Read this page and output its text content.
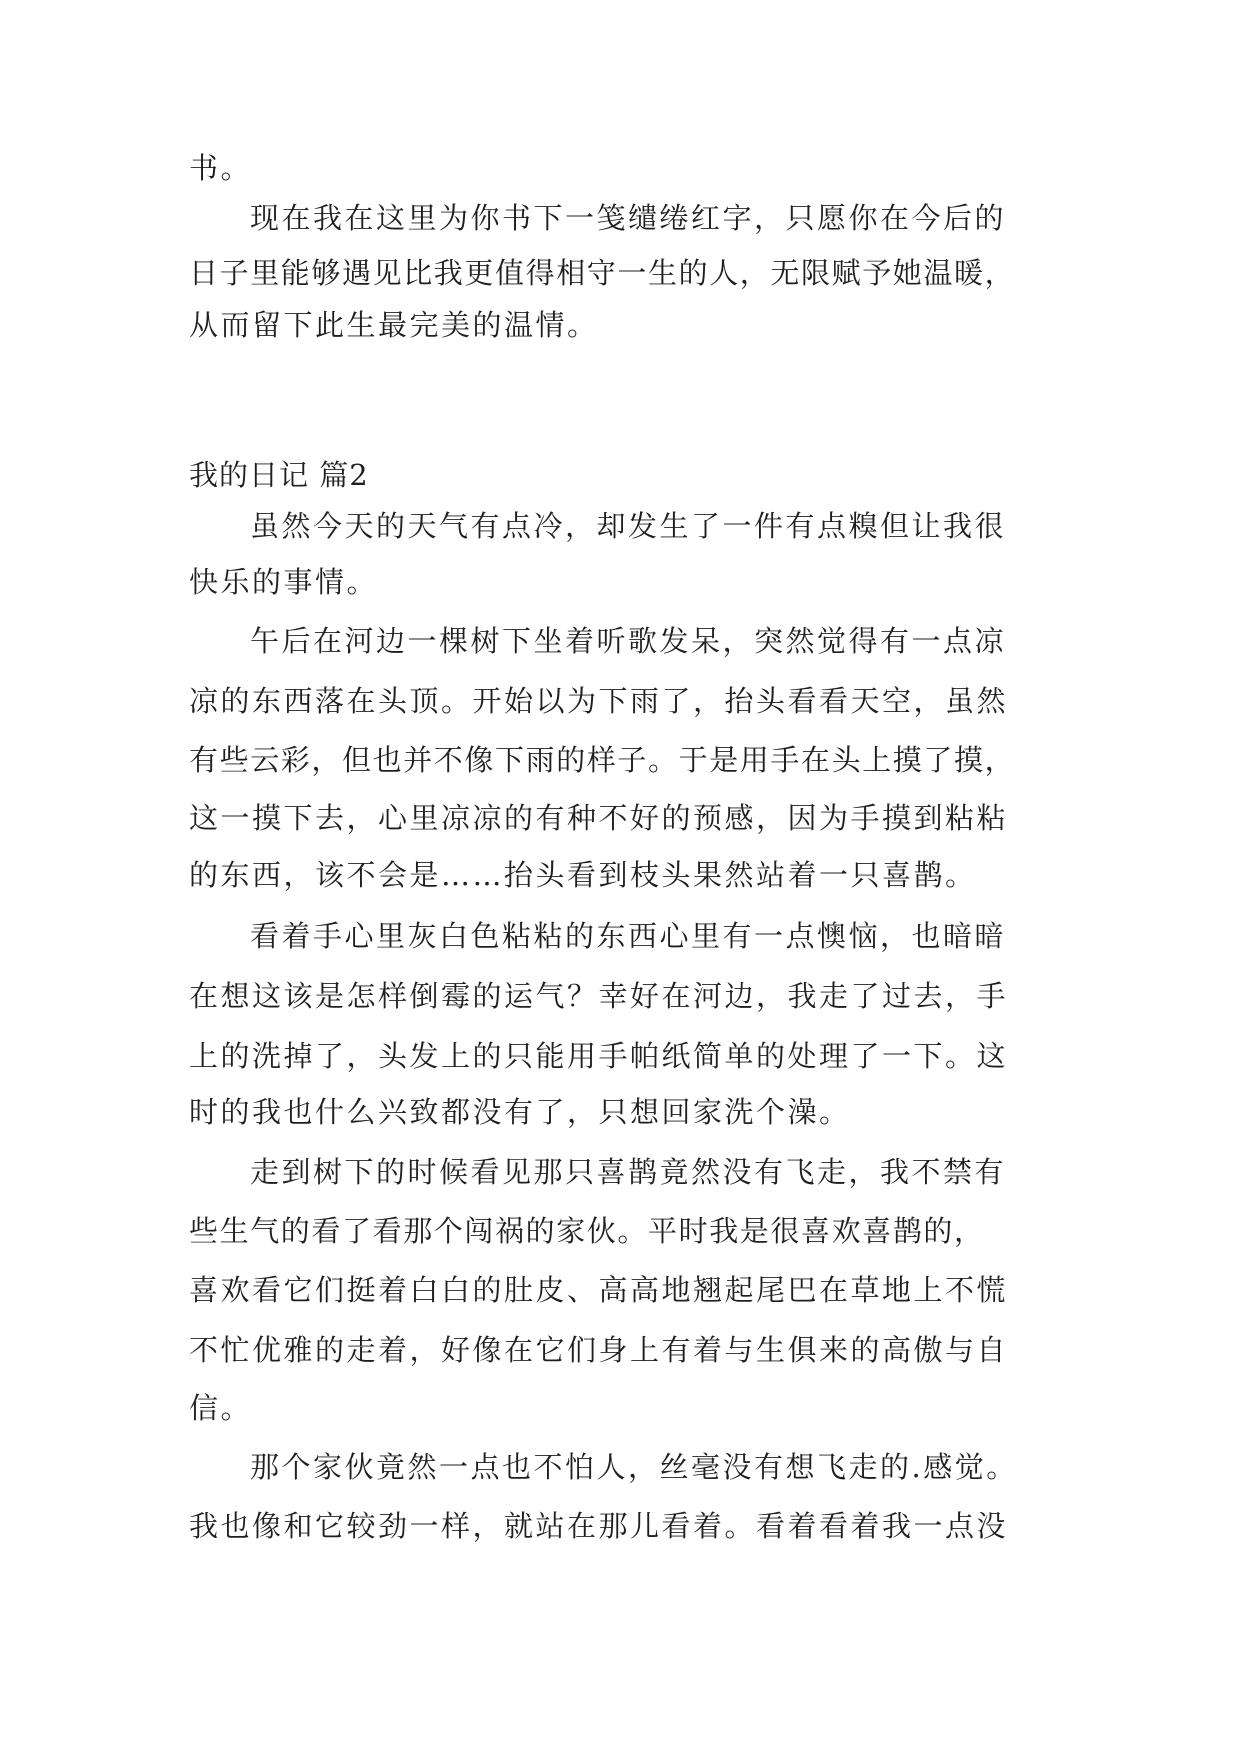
书。
现在我在这里为你书下一笺缱绻红字，只愿你在今后的
日子里能够遇见比我更值得相守一生的人，无限赋予她温暖，
从而留下此生最完美的温情。
我的日记 篇2
虽然今天的天气有点冷，却发生了一件有点糗但让我很
快乐的事情。
午后在河边一棵树下坐着听歌发呆，突然觉得有一点凉
凉的东西落在头顶。开始以为下雨了，抬头看看天空，虽然
有些云彩，但也并不像下雨的样子。于是用手在头上摸了摸，
这一摸下去，心里凉凉的有种不好的预感，因为手摸到粘粘
的东西，该不会是……抬头看到枝头果然站着一只喜鹊。
看着手心里灰白色粘粘的东西心里有一点懊恼，也暗暗
在想这该是怎样倒霉的运气？幸好在河边，我走了过去，手
上的洗掉了，头发上的只能用手帕纸简单的处理了一下。这
时的我也什么兴致都没有了，只想回家洗个澡。
走到树下的时候看见那只喜鹊竟然没有飞走，我不禁有
些生气的看了看那个闯祸的家伙。平时我是很喜欢喜鹊的，
喜欢看它们挺着白白的肚皮、高高地翘起尾巴在草地上不慌
不忙优雅的走着，好像在它们身上有着与生俱来的高傲与自
信。
那个家伙竟然一点也不怕人，丝毫没有想飞走的.感觉。
我也像和它较劲一样，就站在那儿看着。看着看着我一点没
